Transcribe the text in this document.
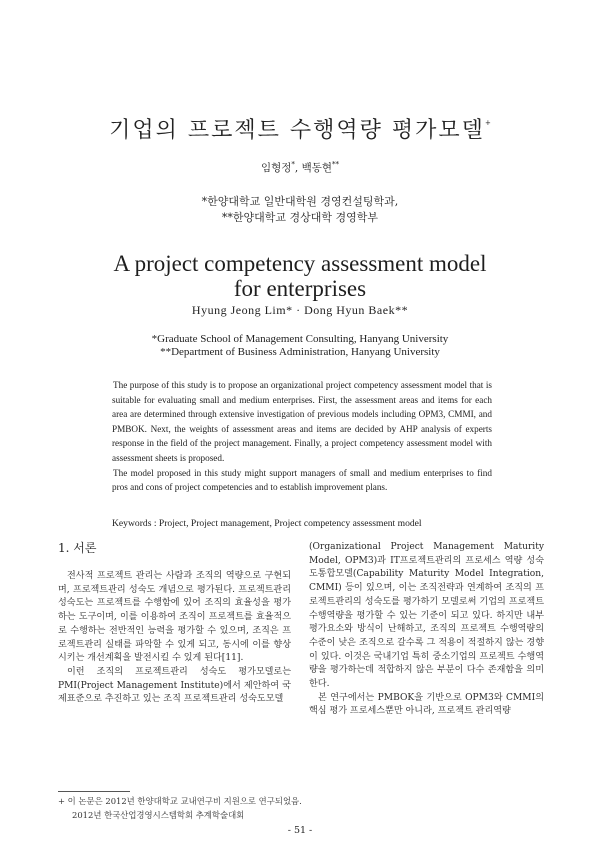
기업의 프로젝트 수행역량 평가모델+
임형정*, 백동현**
*한양대학교 일반대학원 경영컨설팅학과,
**한양대학교 경상대학 경영학부
A project competency assessment model
for enterprises
Hyung Jeong Lim* · Dong Hyun Baek**
*Graduate School of Management Consulting, Hanyang University
**Department of Business Administration, Hanyang University

The purpose of this study is to propose an organizational project competency assessment model that is suitable for evaluating small and medium enterprises. First, the assessment areas and items for each area are determined through extensive investigation of previous models including OPM3, CMMI, and PMBOK. Next, the weights of assessment areas and items are decided by AHP analysis of experts response in the field of the project management. Finally, a project competency assessment model with assessment sheets is proposed.

The model proposed in this study might support managers of small and medium enterprises to find pros and cons of project competencies and to establish improvement plans.

Keywords : Project, Project management, Project competency assessment model
1. 서론

전사적 프로젝트 관리는 사람과 조직의 역량으로 구현되며, 프로젝트관리 성숙도 개념으로 평가된다. 프로젝트관리 성숙도는 프로젝트를 수행함에 있어 조직의 효율성을 평가하는 도구이며, 이를 이용하여 조직이 프로젝트를 효율적으로 수행하는 전반적인 능력을 평가할 수 있으며, 조직은 프로젝트관리 실태를 파악할 수 있게 되고, 동시에 이를 향상시키는 개선계획을 발전시킬 수 있게 된다[11].

이런 조직의 프로젝트관리 성숙도 평가모델로는 PMI(Project Management Institute)에서 제안하여 국제표준으로 추진하고 있는 조직 프로젝트관리 성숙도모델

(Organizational Project Management Maturity Model, OPM3)과 IT프로젝트관리의 프로세스 역량 성숙도통합모델(Capability Maturity Model Integration, CMMI) 등이 있으며, 이는 조직전략과 연계하여 조직의 프로젝트관리의 성숙도를 평가하기 모델로써 기업의 프로젝트 수행역량을 평가할 수 있는 기준이 되고 있다. 하지만 내부 평가요소와 방식이 난해하고, 조직의 프로젝트 수행역량의 수준이 낮은 조직으로 갈수록 그 적용이 적절하지 않는 경향이 있다. 이것은 국내기업 특히 중소기업의 프로젝트 수행역량을 평가하는데 적합하지 않은 부분이 다수 존재함을 의미한다.

본 연구에서는 PMBOK을 기반으로 OPM3와 CMMI의 핵심 평가 프로세스뿐만 아니라, 프로젝트 관리역량

+ 이 논문은 2012년 한양대학교 교내연구비 지원으로 연구되었음.
2012년 한국산업경영시스템학회 추계학술대회
- 51 -
